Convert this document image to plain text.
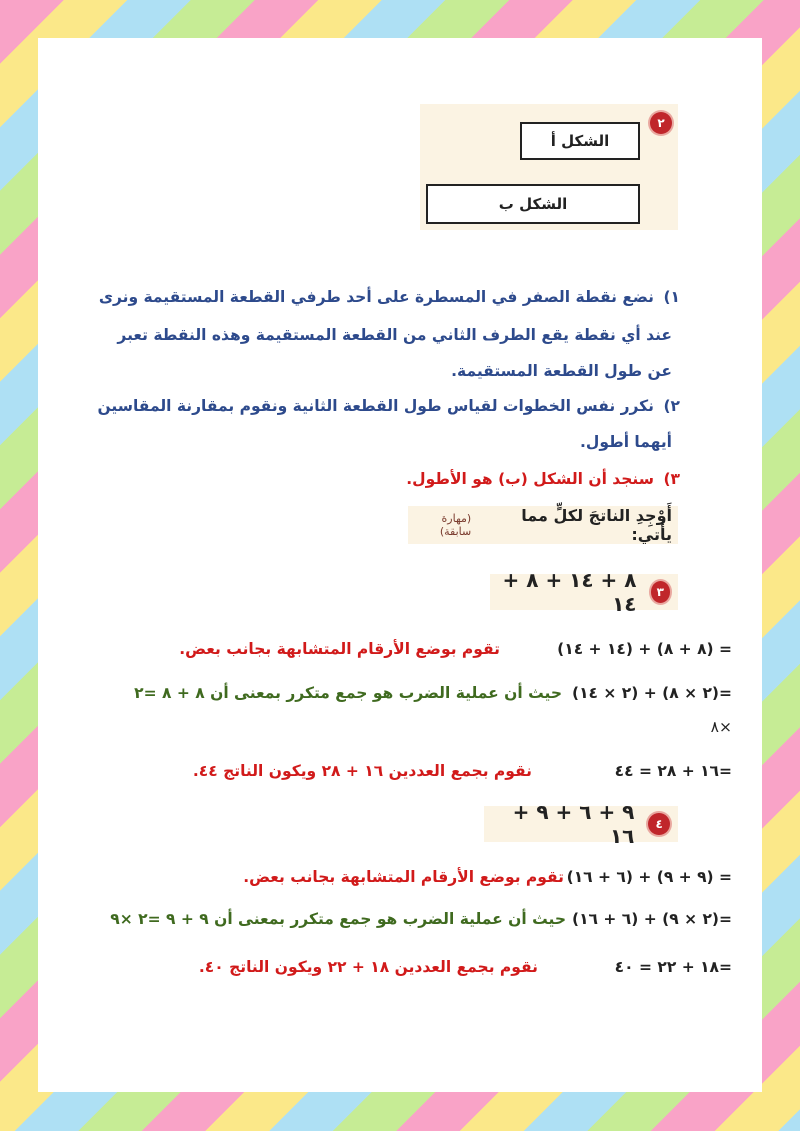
٢
الشكل أ
الشكل ب
١)
نضع نقطة الصفر في المسطرة على أحد طرفي القطعة المستقيمة ونرى
عند أي نقطة يقع الطرف الثاني من القطعة المستقيمة وهذه النقطة تعبر
عن طول القطعة المستقيمة.
٢)
نكرر نفس الخطوات لقياس طول القطعة الثانية ونقوم بمقارنة المقاسين
أيهما أطول.
٣)
سنجد أن الشكل (ب) هو الأطول.
أَوْجِدِ الناتجَ لكلٍّ مما يأتي:
(مهارة سابقة)
٣
٨ + ١٤ + ٨ + ١٤
= (٨ + ٨) + (١٤ + ١٤)
تقوم بوضع الأرقام المتشابهة بجانب بعض.
=(٢ × ٨) + (٢ × ١٤)
حيث أن عملية الضرب هو جمع متكرر بمعنى أن ٨ + ٨ =٢
×٨
=١٦ + ٢٨ = ٤٤
نقوم بجمع العددين ١٦ + ٢٨ ويكون الناتج ٤٤.
٤
٩ + ٦ + ٩ + ١٦
= (٩ + ٩) + (٦ + ١٦)
تقوم بوضع الأرقام المتشابهة بجانب بعض.
=(٢ × ٩) + (٦ + ١٦)
حيث أن عملية الضرب هو جمع متكرر بمعنى أن ٩ + ٩ =٢ ×٩
=١٨ + ٢٢ = ٤٠
نقوم بجمع العددين ١٨ + ٢٢ ويكون الناتج ٤٠.
